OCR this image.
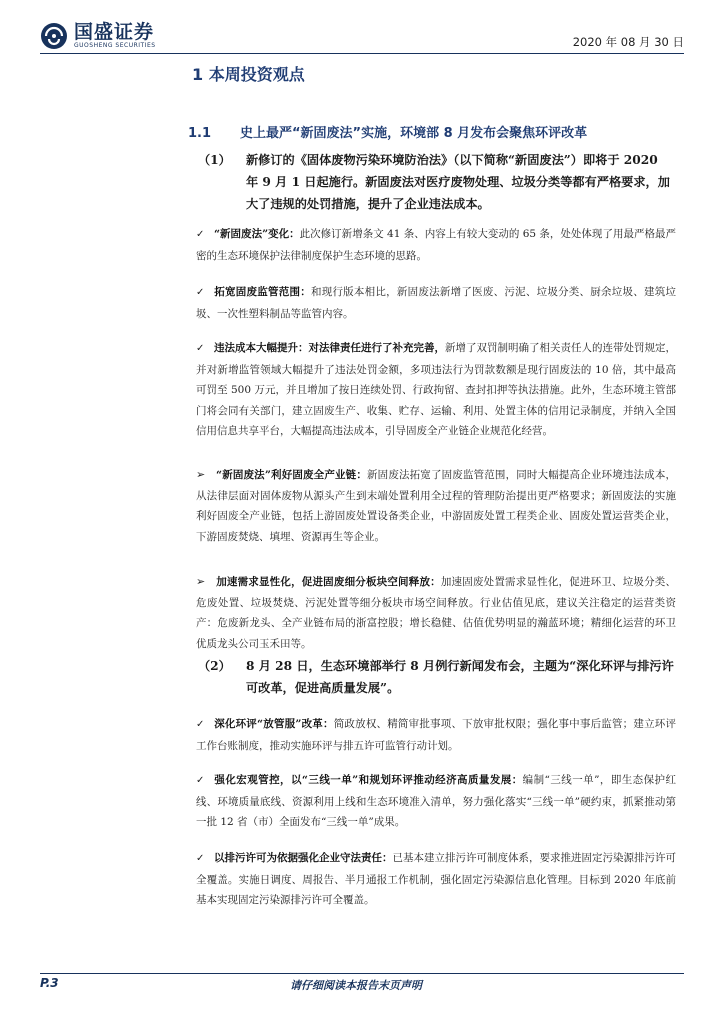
国盛证券
GUOSHENG SECURITIES	2020 年 08 月 30 日
1 本周投资观点
1.1 史上最严“新固废法”实施，环境部 8 月发布会聚焦环评改革
（1） 新修订的《固体废物污染环境防治法》（以下简称“新固废法”）即将于 2020 年 9 月 1 日起施行。新固废法对医疗废物处理、垃圾分类等都有严格要求，加大了违规的处罚措施，提升了企业违法成本。
✓ “新固废法”变化：此次修订新增条文 41 条、内容上有较大变动的 65 条，处处体现了用最严格最严密的生态环境保护法律制度保护生态环境的思路。
✓ 拓宽固废监管范围：和现行版本相比，新固废法新增了医废、污泥、垃圾分类、厨余垃圾、建筑垃圾、一次性塑料制品等监管内容。
✓ 违法成本大幅提升：对法律责任进行了补充完善，新增了双罚制明确了相关责任人的连带处罚规定，并对新增监管领域大幅提升了违法处罚金额，多项违法行为罚款数额是现行固废法的 10 倍，其中最高可罚至 500 万元，并且增加了按日连续处罚、行政拘留、查封扣押等执法措施。此外，生态环境主管部门将会同有关部门，建立固废生产、收集、贮存、运输、利用、处置主体的信用记录制度，并纳入全国信用信息共享平台，大幅提高违法成本，引导固废全产业链企业规范化经营。
➢ “新固废法”利好固废全产业链：新固废法拓宽了固废监管范围，同时大幅提高企业环境违法成本，从法律层面对固体废物从源头产生到末端处置利用全过程的管理防治提出更严格要求；新固废法的实施利好固废全产业链，包括上游固废处置设备类企业，中游固废处置工程类企业、固废处置运营类企业，下游固废焚烧、填埋、资源再生等企业。
➢ 加速需求显性化，促进固废细分板块空间释放：加速固废处置需求显性化，促进环卫、垃圾分类、危废处置、垃圾焚烧、污泥处置等细分板块市场空间释放。行业估值见底，建议关注稳定的运营类资产：危废新龙头、全产业链布局的浙富控股；增长稳健、估值优势明显的瀚蓝环境；精细化运营的环卫优质龙头公司玉禾田等。
（2） 8 月 28 日，生态环境部举行 8 月例行新闻发布会，主题为“深化环评与排污许可改革，促进高质量发展”。
✓ 深化环评“放管服”改革：简政放权、精简审批事项、下放审批权限；强化事中事后监管；建立环评工作台账制度，推动实施环评与排五许可监管行动计划。
✓ 强化宏观管控，以“三线一单”和规划环评推动经济高质量发展：编制“三线一单”，即生态保护红线、环境质量底线、资源利用上线和生态环境准入清单，努力强化落实“三线一单”硬约束，抓紧推动第一批 12 省（市）全面发布“三线一单”成果。
✓ 以排污许可为依据强化企业守法责任：已基本建立排污许可制度体系，要求推进固定污染源排污许可全覆盖。实施日调度、周报告、半月通报工作机制，强化固定污染源信息化管理。目标到 2020 年底前基本实现固定污染源排污许可全覆盖。
P.3	请仔细阅读本报告末页声明
